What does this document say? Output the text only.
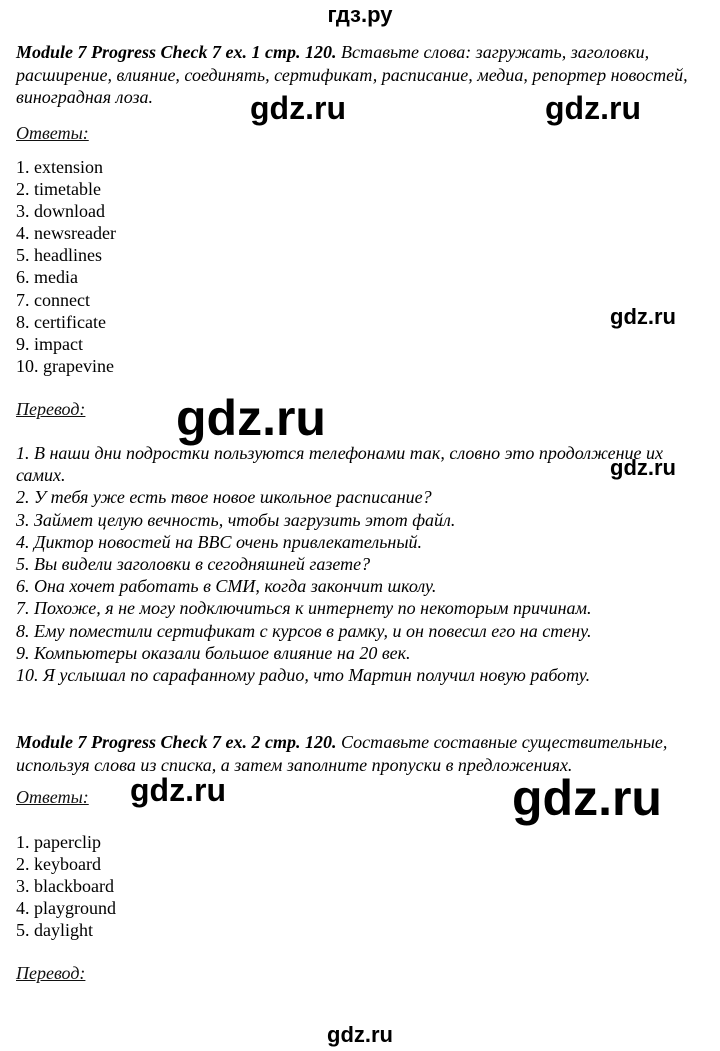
гдз.ру
Module 7 Progress Check 7 ex. 1 стр. 120. Вставьте слова: загружать, заголовки, расширение, влияние, соединять, сертификат, расписание, медиа, репортер новостей, виноградная лоза.
Ответы:
1. extension
2. timetable
3. download
4. newsreader
5. headlines
6. media
7. connect
8. certificate
9. impact
10. grapevine
Перевод:
1. В наши дни подростки пользуются телефонами так, словно это продолжение их самих.
2. У тебя уже есть твое новое школьное расписание?
3. Займет целую вечность, чтобы загрузить этот файл.
4. Диктор новостей на BBC очень привлекательный.
5. Вы видели заголовки в сегодняшней газете?
6. Она хочет работать в СМИ, когда закончит школу.
7. Похоже, я не могу подключиться к интернету по некоторым причинам.
8. Ему поместили сертификат с курсов в рамку, и он повесил его на стену.
9. Компьютеры оказали большое влияние на 20 век.
10. Я услышал по сарафанному радио, что Мартин получил новую работу.
Module 7 Progress Check 7 ex. 2 стр. 120. Составьте составные существительные, используя слова из списка, а затем заполните пропуски в предложениях.
Ответы:
1. paperclip
2. keyboard
3. blackboard
4. playground
5. daylight
Перевод:
gdz.ru
gdz.ru	gdz.ru
gdz.ru
gdz.ru
gdz.ru
gdz.ru	gdz.ru
